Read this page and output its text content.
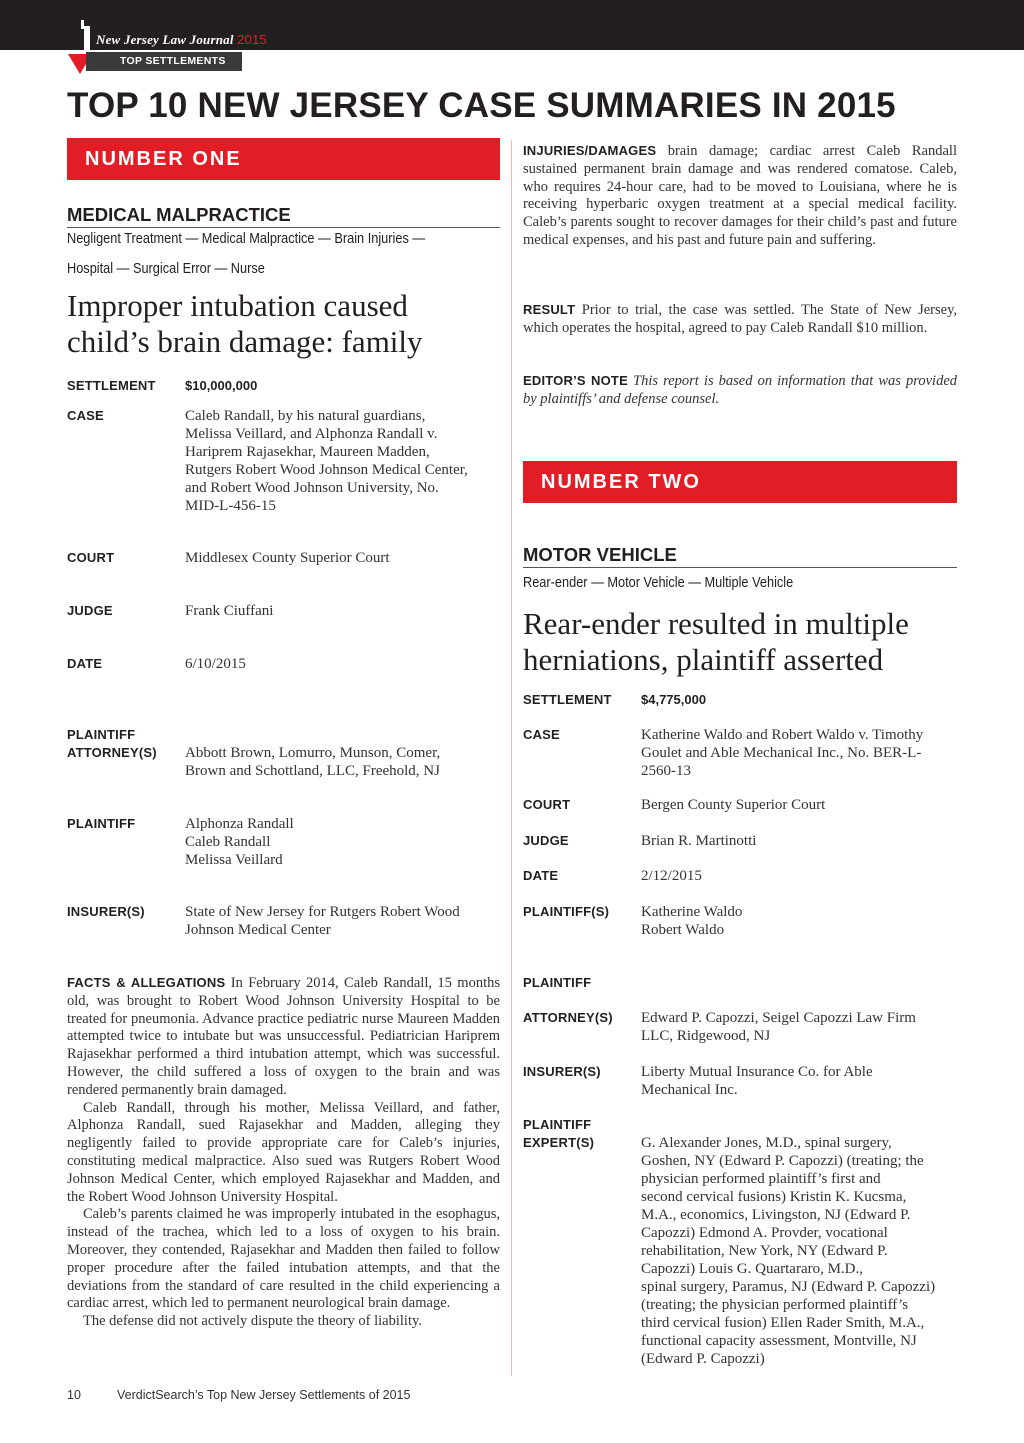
New Jersey Law Journal 2015
TOP SETTLEMENTS NJ
TOP 10 NEW JERSEY CASE SUMMARIES IN 2015
NUMBER ONE
MEDICAL MALPRACTICE
Negligent Treatment — Medical Malpractice — Brain Injuries —
Hospital — Surgical Error — Nurse
Improper intubation caused
child’s brain damage: family
SETTLEMENT $10,000,000
CASE	Caleb Randall, by his natural guardians,
Melissa Veillard, and Alphonza Randall v.
Hariprem Rajasekhar, Maureen Madden,
Rutgers Robert Wood Johnson Medical Center,
and Robert Wood Johnson University, No.
MID-L-456-15
COURT	Middlesex County Superior Court
JUDGE	Frank Ciuffani
DATE	6/10/2015
PLAINTIFF
ATTORNEY(S) Abbott Brown, Lomurro, Munson, Comer,
Brown and Schottland, LLC, Freehold, NJ
PLAINTIFF	Alphonza Randall
Caleb Randall
Melissa Veillard
INSURER(S)	State of New Jersey for Rutgers Robert Wood
Johnson Medical Center
FACTS & ALLEGATIONS In February 2014, Caleb Randall, 15 months old, was brought to Robert Wood Johnson University Hospital to be treated for pneumonia. Advance practice pediatric nurse Maureen Madden attempted twice to intubate but was unsuccessful. Pediatrician Hariprem Rajasekhar performed a third intubation attempt, which was successful. However, the child suffered a loss of oxygen to the brain and was rendered permanently brain damaged.
Caleb Randall, through his mother, Melissa Veillard, and father, Alphonza Randall, sued Rajasekhar and Madden, alleging they negligently failed to provide appropriate care for Caleb’s injuries, constituting medical malpractice. Also sued was Rutgers Robert Wood Johnson Medical Center, which employed Rajasekhar and Madden, and the Robert Wood Johnson University Hospital.
Caleb’s parents claimed he was improperly intubated in the esophagus, instead of the trachea, which led to a loss of oxygen to his brain. Moreover, they contended, Rajasekhar and Madden then failed to follow proper procedure after the failed intubation attempts, and that the deviations from the standard of care resulted in the child experiencing a cardiac arrest, which led to permanent neurological brain damage.
The defense did not actively dispute the theory of liability.
INJURIES/DAMAGES brain damage; cardiac arrest Caleb Randall sustained permanent brain damage and was rendered comatose. Caleb, who requires 24-hour care, had to be moved to Louisiana, where he is receiving hyperbaric oxygen treatment at a special medical facility. Caleb’s parents sought to recover damages for their child’s past and future medical expenses, and his past and future pain and suffering.
RESULT Prior to trial, the case was settled. The State of New Jersey, which operates the hospital, agreed to pay Caleb Randall $10 million.
EDITOR’S NOTE This report is based on information that was provided by plaintiffs’ and defense counsel.
NUMBER TWO
MOTOR VEHICLE
Rear-ender — Motor Vehicle — Multiple Vehicle
Rear-ender resulted in multiple
herniations, plaintiff asserted
SETTLEMENT $4,775,000
CASE	Katherine Waldo and Robert Waldo v. Timothy
Goulet and Able Mechanical Inc., No. BER-L-
2560-13
COURT	Bergen County Superior Court
JUDGE	Brian R. Martinotti
DATE	2/12/2015
PLAINTIFF(S) Katherine Waldo
Robert Waldo
PLAINTIFF
ATTORNEY(S) Edward P. Capozzi, Seigel Capozzi Law Firm
LLC, Ridgewood, NJ
INSURER(S)	Liberty Mutual Insurance Co. for Able
Mechanical Inc.
PLAINTIFF
EXPERT(S)	G. Alexander Jones, M.D., spinal surgery,
Goshen, NY (Edward P. Capozzi) (treating; the
physician performed plaintiff’s first and
second cervical fusions) Kristin K. Kucsma,
M.A., economics, Livingston, NJ (Edward P.
Capozzi) Edmond A. Provder, vocational
rehabilitation, New York, NY (Edward P.
Capozzi) Louis G. Quartararo, M.D.,
spinal surgery, Paramus, NJ (Edward P. Capozzi)
(treating; the physician performed plaintiff’s
third cervical fusion) Ellen Rader Smith, M.A.,
functional capacity assessment, Montville, NJ
(Edward P. Capozzi)
10	VerdictSearch’s Top New Jersey Settlements of 2015
